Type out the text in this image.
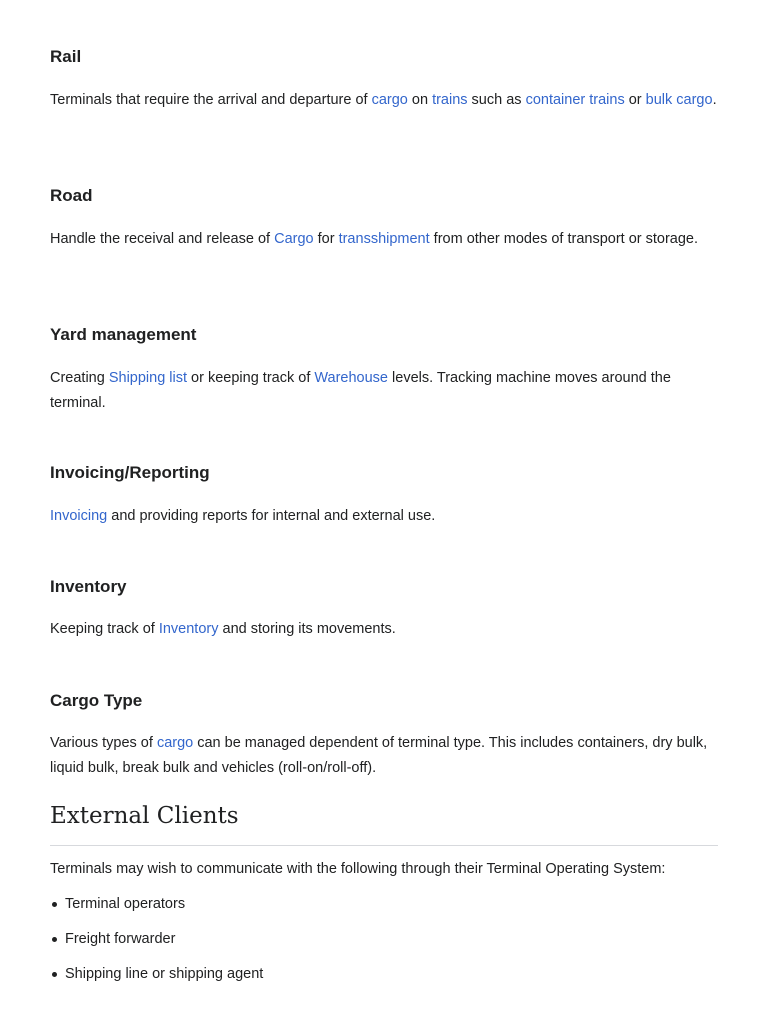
Rail

Terminals that require the arrival and departure of cargo on trains such as container trains or bulk cargo.

Road

Handle the receival and release of Cargo for transshipment from other modes of transport or storage.

Yard management

Creating Shipping list or keeping track of Warehouse levels. Tracking machine moves around the terminal.

Invoicing/Reporting

Invoicing and providing reports for internal and external use.

Inventory

Keeping track of Inventory and storing its movements.

Cargo Type

Various types of cargo can be managed dependent of terminal type. This includes containers, dry bulk, liquid bulk, break bulk and vehicles (roll-on/roll-off).

External Clients

Terminals may wish to communicate with the following through their Terminal Operating System:

Terminal operators
Freight forwarder
Shipping line or shipping agent
